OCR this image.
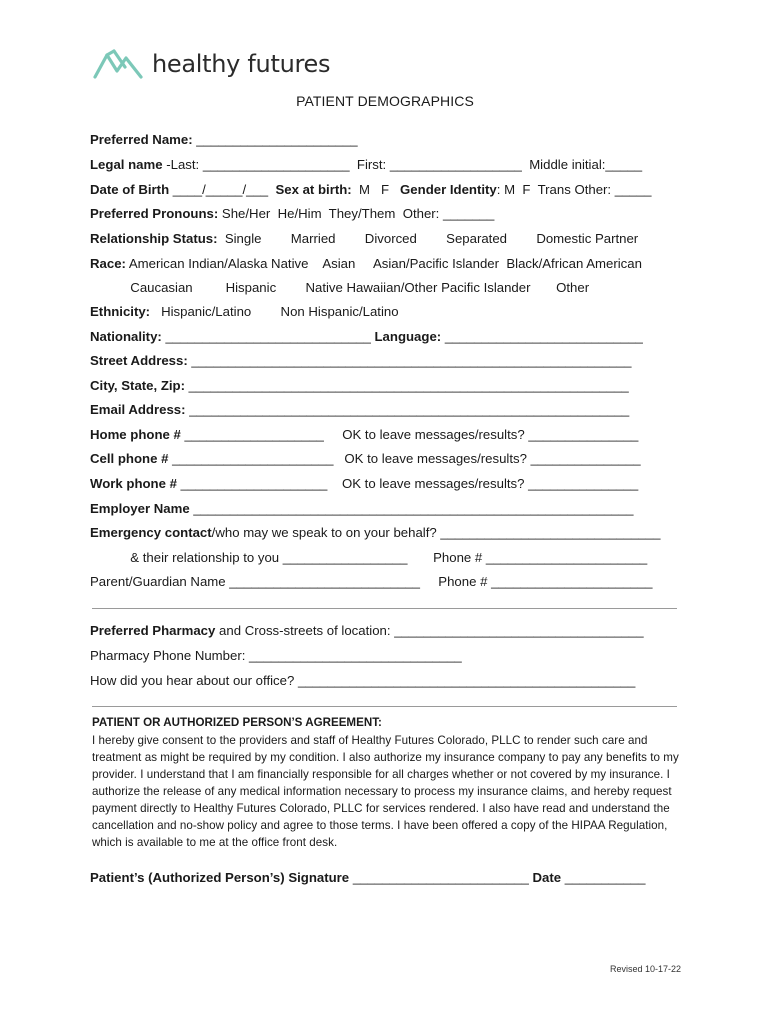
healthy futures
PATIENT DEMOGRAPHICS
Preferred Name: ______________________
Legal name -Last: ____________________  First: __________________  Middle initial:_____
Date of Birth ____/_____/___  Sex at birth:  M   F   Gender Identity: M  F  Trans Other: _____
Preferred Pronouns: She/Her  He/Him  They/Them  Other: _______
Relationship Status:  Single        Married        Divorced        Separated        Domestic Partner
Race: American Indian/Alaska Native    Asian     Asian/Pacific Islander  Black/African American
Caucasian         Hispanic        Native Hawaiian/Other Pacific Islander       Other
Ethnicity:   Hispanic/Latino        Non Hispanic/Latino
Nationality: ____________________________ Language: ___________________________
Street Address: ____________________________________________________________
City, State, Zip: ____________________________________________________________
Email Address: ____________________________________________________________
Home phone # ___________________     OK to leave messages/results? _______________
Cell phone # ______________________   OK to leave messages/results? _______________
Work phone # ____________________    OK to leave messages/results? _______________
Employer Name ____________________________________________________________
Emergency contact/who may we speak to on your behalf? ______________________________
& their relationship to you _________________       Phone # ______________________
Parent/Guardian Name __________________________     Phone # ______________________
Preferred Pharmacy and Cross-streets of location: __________________________________
Pharmacy Phone Number: _____________________________
How did you hear about our office? ______________________________________________
PATIENT OR AUTHORIZED PERSON’S AGREEMENT:
I hereby give consent to the providers and staff of Healthy Futures Colorado, PLLC to render such care and treatment as might be required by my condition. I also authorize my insurance company to pay any benefits to my provider. I understand that I am financially responsible for all charges whether or not covered by my insurance. I authorize the release of any medical information necessary to process my insurance claims, and hereby request payment directly to Healthy Futures Colorado, PLLC for services rendered. I also have read and understand the cancellation and no-show policy and agree to those terms. I have been offered a copy of the HIPAA Regulation, which is available to me at the office front desk.
Patient’s (Authorized Person’s) Signature ________________________ Date ___________
Revised 10-17-22
